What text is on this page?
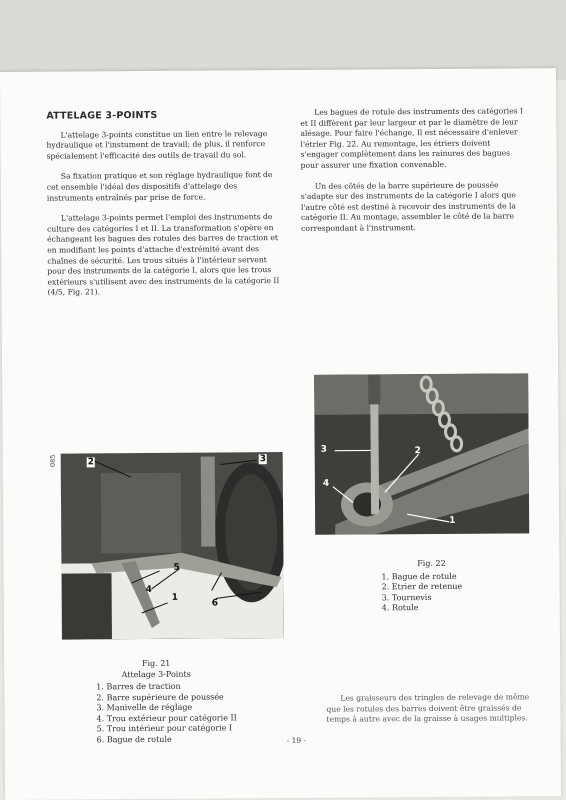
ATTELAGE 3-POINTS

L'attelage 3-points constitue un lien entre le relevage hydraulique et l'instument de travail; de plus, il renforce spécialement l'efficacité des outils de travail du sol.

Sa fixation pratique et son réglage hydraulique font de cet ensemble l'idéal des dispositifs d'attelage des instruments entraînés par prise de force.

L'attelage 3-points permet l'emploi des instruments de culture des catégories I et II. La transformation s'opère en échangeant les bagues des rotules des barres de traction et en modifiant les points d'attache d'extrémité avant des chaînes de sécurité. Les trous situés à l'intérieur servent pour des instruments de la catégorie I, alors que les trous extérieurs s'utilisent avec des instruments de la catégorie II (4/5, Fig. 21).

Les bagues de rotule des instruments des catégories I et II diffèrent par leur largeur et par le diamètre de leur alésage. Pour faire l'échange, Il est nécessaire d'enlever l'étrier Fig. 22. Au remontage, les étriers doivent s'engager complètement dans les rainures des bagues pour assurer une fixation convenable.

Un des côtés de la barre supérieure de poussée s'adapte sur des instruments de la catégorie I alors que l'autre côté est destiné à recevoir des instruments de la catégorie II. Au montage, assembler le côté de la barre correspondant à l'instrument.

3	2
4
1
085	2	3
4
5
1
6
Fig. 22
1. Bague de rotule
2. Etrier de retenue
3. Tournevis
4. Rotule
Fig. 21
Attelage 3-Points
1. Barres de traction
2. Barre supérieure de poussée
3. Manivelle de réglage
4. Trou extérieur pour catégorie II
5. Trou intérieur pour catégorie I
6. Bague de rotule
Les graisseurs des tringles de relevage de même que les rotules des barres doivent être graissés de temps à autre avec de la graisse à usages multiples.
- 19 -
